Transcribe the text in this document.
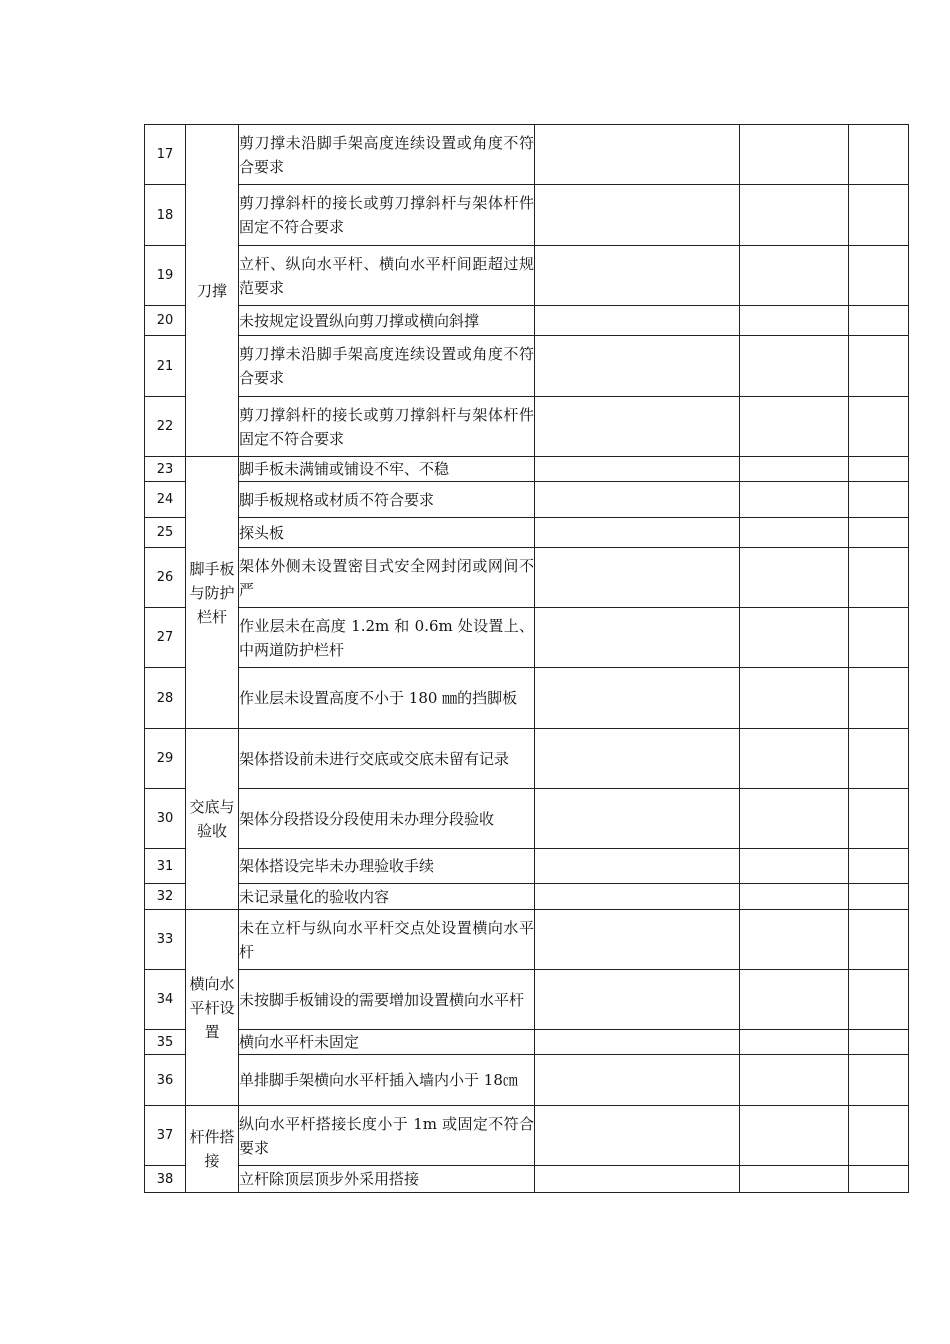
17	刀撑	剪刀撑未沿脚手架高度连续设置或角度不符合要求			
18		剪刀撑斜杆的接长或剪刀撑斜杆与架体杆件固定不符合要求			
19		立杆、纵向水平杆、横向水平杆间距超过规范要求			
20		未按规定设置纵向剪刀撑或横向斜撑			
21		剪刀撑未沿脚手架高度连续设置或角度不符合要求			
22		剪刀撑斜杆的接长或剪刀撑斜杆与架体杆件固定不符合要求			
23	脚手板与防护栏杆	脚手板未满铺或铺设不牢、不稳			
24		脚手板规格或材质不符合要求			
25		探头板			
26		架体外侧未设置密目式安全网封闭或网间不严			
27		作业层未在高度 1.2m 和 0.6m 处设置上、中两道防护栏杆			
28		作业层未设置高度不小于 180 ㎜的挡脚板			
29	交底与验收	架体搭设前未进行交底或交底未留有记录			
30		架体分段搭设分段使用未办理分段验收			
31		架体搭设完毕未办理验收手续			
32		未记录量化的验收内容			
33	横向水平杆设置	未在立杆与纵向水平杆交点处设置横向水平杆			
34		未按脚手板铺设的需要增加设置横向水平杆			
35		横向水平杆未固定			
36		单排脚手架横向水平杆插入墙内小于 18㎝			
37	杆件搭接	纵向水平杆搭接长度小于 1m 或固定不符合要求			
38		立杆除顶层顶步外采用搭接			
